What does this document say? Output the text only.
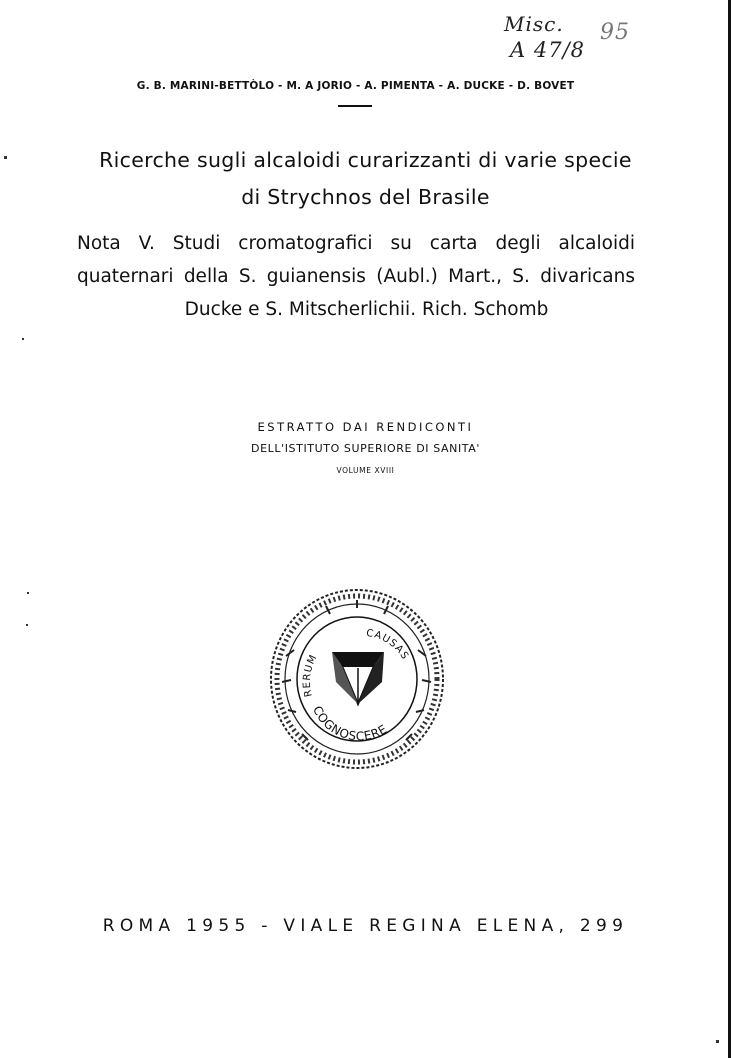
Misc.
A 47/8
95
G. B. MARINI-BETTÒLO - M. A JORIO - A. PIMENTA - A. DUCKE - D. BOVET
Ricerche sugli alcaloidi curarizzanti di varie specie
di Strychnos del Brasile
Nota V. Studi cromatografici su carta degli alcaloidi
quaternari della S. guianensis (Aubl.) Mart., S. divaricans
Ducke e S. Mitscherlichii. Rich. Schomb
ESTRATTO DAI RENDICONTI
DELL'ISTITUTO SUPERIORE DI SANITA'
VOLUME XVIII
RERUM
CAUSAS
COGNOSCERE
ROMA 1955 - VIALE REGINA ELENA, 299
